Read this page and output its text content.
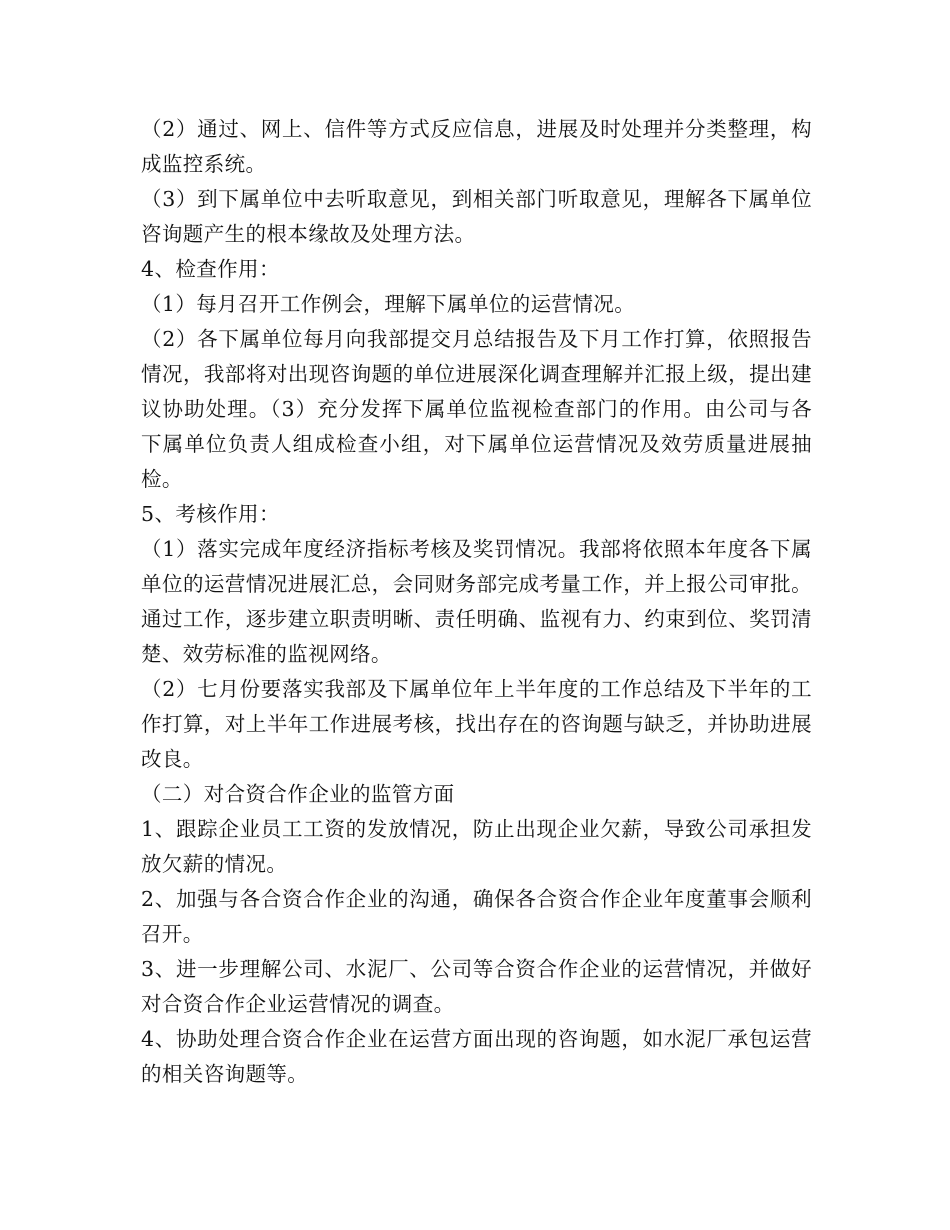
（2）通过、网上、信件等方式反应信息，进展及时处理并分类整理，构成监控系统。

（3）到下属单位中去听取意见，到相关部门听取意见，理解各下属单位咨询题产生的根本缘故及处理方法。

4、检查作用：

（1）每月召开工作例会，理解下属单位的运营情况。

（2）各下属单位每月向我部提交月总结报告及下月工作打算，依照报告情况，我部将对出现咨询题的单位进展深化调查理解并汇报上级，提出建议协助处理。（3）充分发挥下属单位监视检查部门的作用。由公司与各下属单位负责人组成检查小组，对下属单位运营情况及效劳质量进展抽检。

5、考核作用：

（1）落实完成年度经济指标考核及奖罚情况。我部将依照本年度各下属单位的运营情况进展汇总，会同财务部完成考量工作，并上报公司审批。通过工作，逐步建立职责明晰、责任明确、监视有力、约束到位、奖罚清楚、效劳标准的监视网络。

（2）七月份要落实我部及下属单位年上半年度的工作总结及下半年的工作打算，对上半年工作进展考核，找出存在的咨询题与缺乏，并协助进展改良。

（二）对合资合作企业的监管方面

1、跟踪企业员工工资的发放情况，防止出现企业欠薪，导致公司承担发放欠薪的情况。

2、加强与各合资合作企业的沟通，确保各合资合作企业年度董事会顺利召开。

3、进一步理解公司、水泥厂、公司等合资合作企业的运营情况，并做好对合资合作企业运营情况的调查。

4、协助处理合资合作企业在运营方面出现的咨询题，如水泥厂承包运营的相关咨询题等。
